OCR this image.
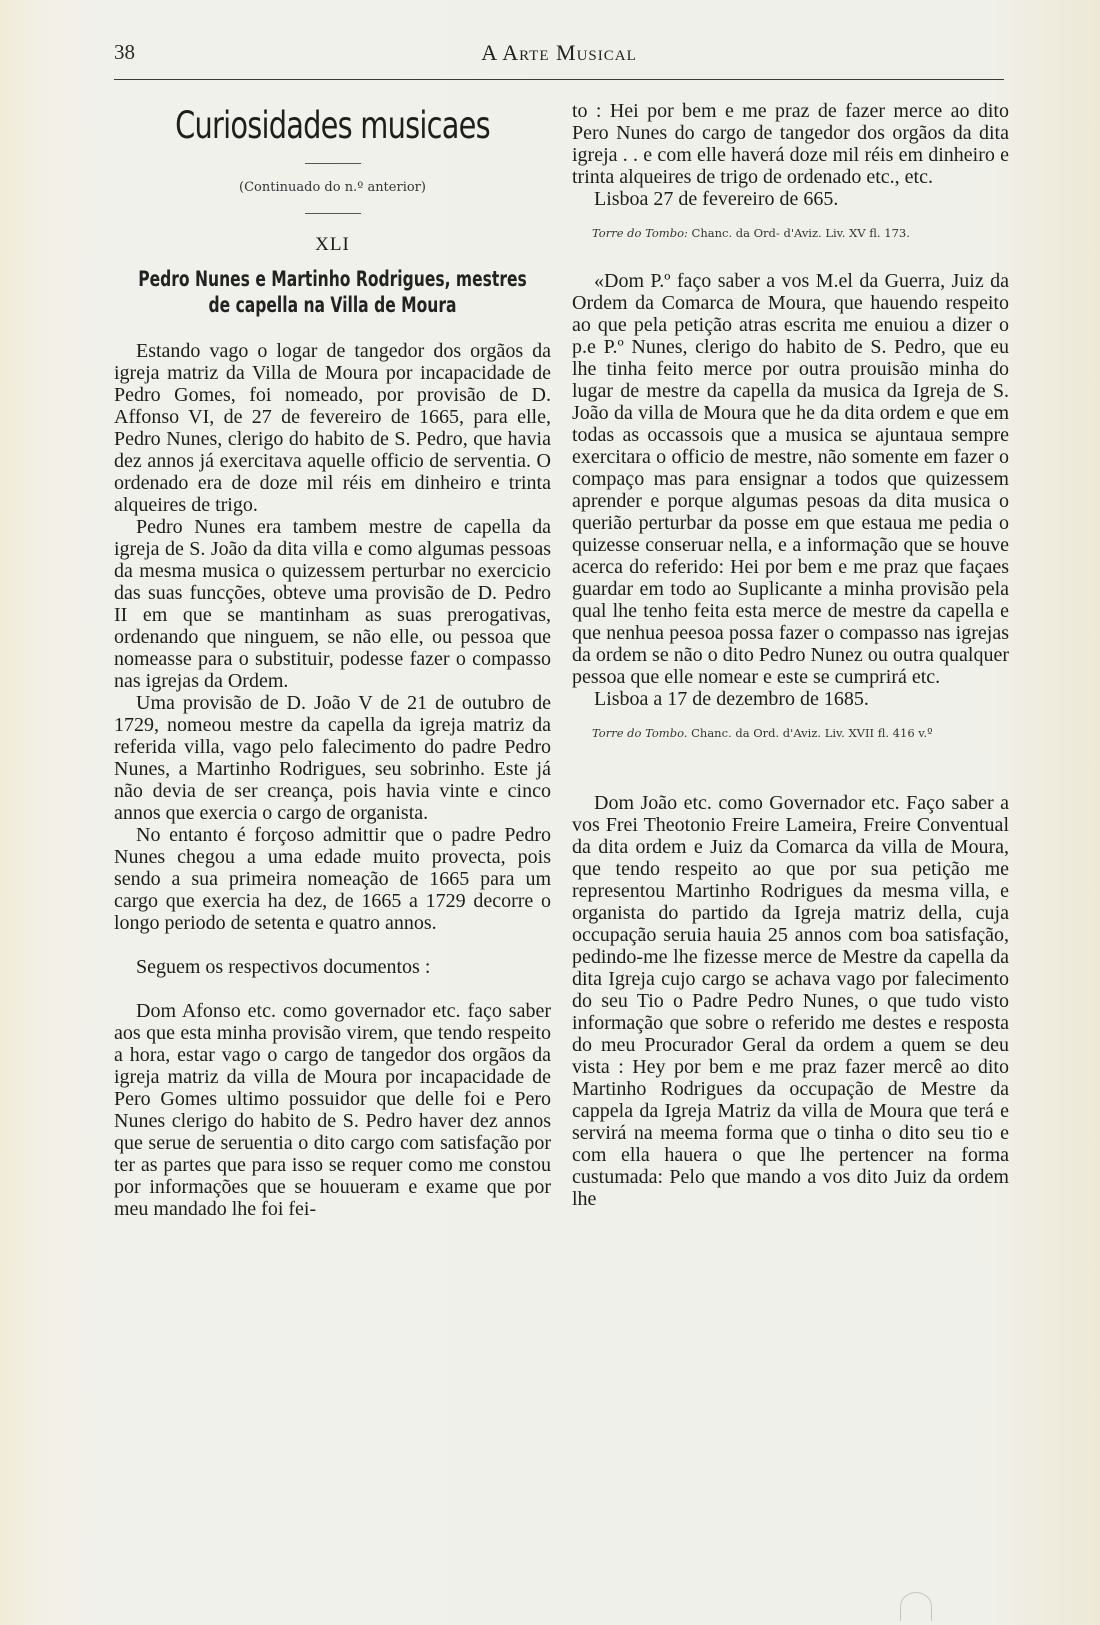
38	A Arte Musical
Curiosidades musicaes
(Continuado do n.º anterior)
XLI
Pedro Nunes e Martinho Rodrigues, mestres de capella na Villa de Moura

Estando vago o logar de tangedor dos orgãos da igreja matriz da Villa de Moura por incapacidade de Pedro Gomes, foi nomeado, por provisão de D. Affonso VI, de 27 de fevereiro de 1665, para elle, Pedro Nunes, clerigo do habito de S. Pedro, que havia dez annos já exercitava aquelle officio de serventia. O ordenado era de doze mil réis em dinheiro e trinta alqueires de trigo.

Pedro Nunes era tambem mestre de capella da igreja de S. João da dita villa e como algumas pessoas da mesma musica o quizessem perturbar no exercicio das suas funcções, obteve uma provisão de D. Pedro II em que se mantinham as suas prerogativas, ordenando que ninguem, se não elle, ou pessoa que nomeasse para o substituir, podesse fazer o compasso nas igrejas da Ordem.

Uma provisão de D. João V de 21 de outubro de 1729, nomeou mestre da capella da igreja matriz da referida villa, vago pelo falecimento do padre Pedro Nunes, a Martinho Rodrigues, seu sobrinho. Este já não devia de ser creança, pois havia vinte e cinco annos que exercia o cargo de organista.

No entanto é forçoso admittir que o padre Pedro Nunes chegou a uma edade muito provecta, pois sendo a sua primeira nomeação de 1665 para um cargo que exercia ha dez, de 1665 a 1729 decorre o longo periodo de setenta e quatro annos.

Seguem os respectivos documentos :

Dom Afonso etc. como governador etc. faço saber aos que esta minha provisão virem, que tendo respeito a hora, estar vago o cargo de tangedor dos orgãos da igreja matriz da villa de Moura por incapacidade de Pero Gomes ultimo possuidor que delle foi e Pero Nunes clerigo do habito de S. Pedro haver dez annos que serue de seruentia o dito cargo com satisfação por ter as partes que para isso se requer como me constou por informações que se houueram e exame que por meu mandado lhe foi fei-

to : Hei por bem e me praz de fazer merce ao dito Pero Nunes do cargo de tangedor dos orgãos da dita igreja . . e com elle haverá doze mil réis em dinheiro e trinta alqueires de trigo de ordenado etc., etc.

Lisboa 27 de fevereiro de 665.

Torre do Tombo: Chanc. da Ord- d'Aviz. Liv. XV fl. 173.

«Dom P.º faço saber a vos M.el da Guerra, Juiz da Ordem da Comarca de Moura, que hauendo respeito ao que pela petição atras escrita me enuiou a dizer o p.e P.º Nunes, clerigo do habito de S. Pedro, que eu lhe tinha feito merce por outra prouisão minha do lugar de mestre da capella da musica da Igreja de S. João da villa de Moura que he da dita ordem e que em todas as occassois que a musica se ajuntaua sempre exercitara o officio de mestre, não somente em fazer o compaço mas para ensignar a todos que quizessem aprender e porque algumas pesoas da dita musica o querião perturbar da posse em que estaua me pedia o quizesse conseruar nella, e a informação que se houve acerca do referido: Hei por bem e me praz que façaes guardar em todo ao Suplicante a minha provisão pela qual lhe tenho feita esta merce de mestre da capella e que nenhua peesoa possa fazer o compasso nas igrejas da ordem se não o dito Pedro Nunez ou outra qualquer pessoa que elle nomear e este se cumprirá etc.

Lisboa a 17 de dezembro de 1685.

Torre do Tombo. Chanc. da Ord. d'Aviz. Liv. XVII fl. 416 v.º

Dom João etc. como Governador etc. Faço saber a vos Frei Theotonio Freire Lameira, Freire Conventual da dita ordem e Juiz da Comarca da villa de Moura, que tendo respeito ao que por sua petição me representou Martinho Rodrigues da mesma villa, e organista do partido da Igreja matriz della, cuja occupação seruia hauia 25 annos com boa satisfação, pedindo-me lhe fizesse merce de Mestre da capella da dita Igreja cujo cargo se achava vago por falecimento do seu Tio o Padre Pedro Nunes, o que tudo visto informação que sobre o referido me destes e resposta do meu Procurador Geral da ordem a quem se deu vista : Hey por bem e me praz fazer mercê ao dito Martinho Rodrigues da occupação de Mestre da cappela da Igreja Matriz da villa de Moura que terá e servirá na meema forma que o tinha o dito seu tio e com ella hauera o que lhe pertencer na forma custumada: Pelo que mando a vos dito Juiz da ordem lhe
